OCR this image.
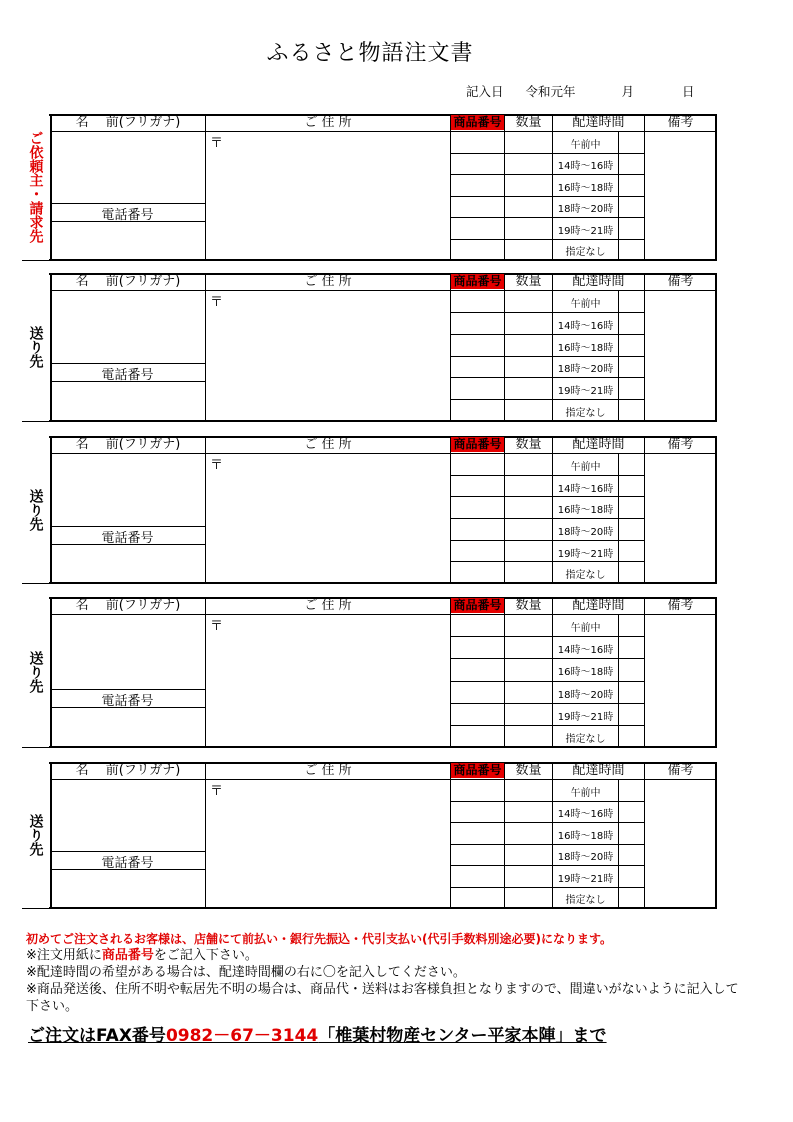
ふるさと物語注文書
記入日 令和元年	月	日
ご依頼主・請求先
名　 前(フリガナ)	ご 住 所	商品番号	数量	配達時間	備考
〒
電話番号
午前中
14時～16時
16時～18時
18時～20時
19時～21時
指定なし
送り先
名　 前(フリガナ)	ご 住 所	商品番号	数量	配達時間	備考
〒
電話番号
午前中
14時～16時
16時～18時
18時～20時
19時～21時
指定なし
送り先
名　 前(フリガナ)	ご 住 所	商品番号	数量	配達時間	備考
〒
電話番号
午前中
14時～16時
16時～18時
18時～20時
19時～21時
指定なし
送り先
名　 前(フリガナ)	ご 住 所	商品番号	数量	配達時間	備考
〒
電話番号
午前中
14時～16時
16時～18時
18時～20時
19時～21時
指定なし
送り先
名　 前(フリガナ)	ご 住 所	商品番号	数量	配達時間	備考
〒
電話番号
午前中
14時～16時
16時～18時
18時～20時
19時～21時
指定なし
初めてご注文されるお客様は、店舗にて前払い・銀行先振込・代引支払い(代引手数料別途必要)になります。
※注文用紙に商品番号をご記入下さい。
※配達時間の希望がある場合は、配達時間欄の右に〇を記入してください。
※商品発送後、住所不明や転居先不明の場合は、商品代・送料はお客様負担となりますので、間違いがないように記入して下さい。
ご注文はFAX番号0982－67－3144「椎葉村物産センター平家本陣」まで
